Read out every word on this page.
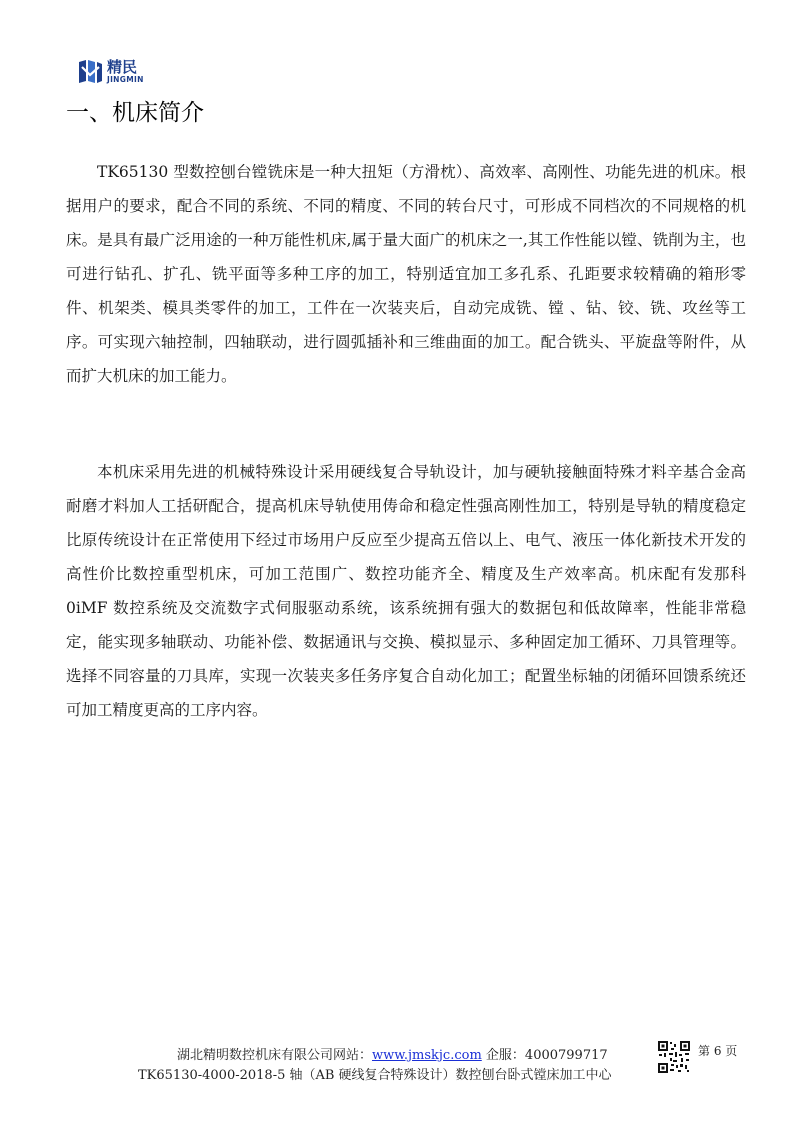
精民
JINGMIN
一、机床简介

TK65130 型数控刨台镗铣床是一种大扭矩（方滑枕）、高效率、高刚性、功能先进的机床。根据用户的要求，配合不同的系统、不同的精度、不同的转台尺寸，可形成不同档次的不同规格的机床。是具有最广泛用途的一种万能性机床,属于量大面广的机床之一,其工作性能以镗、铣削为主，也可进行钻孔、扩孔、铣平面等多种工序的加工，特别适宜加工多孔系、孔距要求较精确的箱形零件、机架类、模具类零件的加工，工件在一次装夹后，自动完成铣、镗 、钻、铰、铣、攻丝等工序。可实现六轴控制，四轴联动，进行圆弧插补和三维曲面的加工。配合铣头、平旋盘等附件，从而扩大机床的加工能力。

本机床采用先进的机械特殊设计采用硬线复合导轨设计，加与硬轨接触面特殊才料辛基合金高耐磨才料加人工括研配合，提高机床导轨使用俦命和稳定性强高刚性加工，特别是导轨的精度稳定比原传统设计在正常使用下经过市场用户反应至少提高五倍以上、电气、液压一体化新技术开发的高性价比数控重型机床，可加工范围广、数控功能齐全、精度及生产效率高。机床配有发那科 0iMF 数控系统及交流数字式伺服驱动系统，该系统拥有强大的数据包和低故障率，性能非常稳定，能实现多轴联动、功能补偿、数据通讯与交换、模拟显示、多种固定加工循环、刀具管理等。选择不同容量的刀具库，实现一次装夹多任务序复合自动化加工；配置坐标轴的闭循环回馈系统还可加工精度更高的工序内容。

湖北精明数控机床有限公司网站：www.jmskjc.com 企服：4000799717	第 6 页
TK65130-4000-2018-5 轴（AB 硬线复合特殊设计）数控刨台卧式镗床加工中心
